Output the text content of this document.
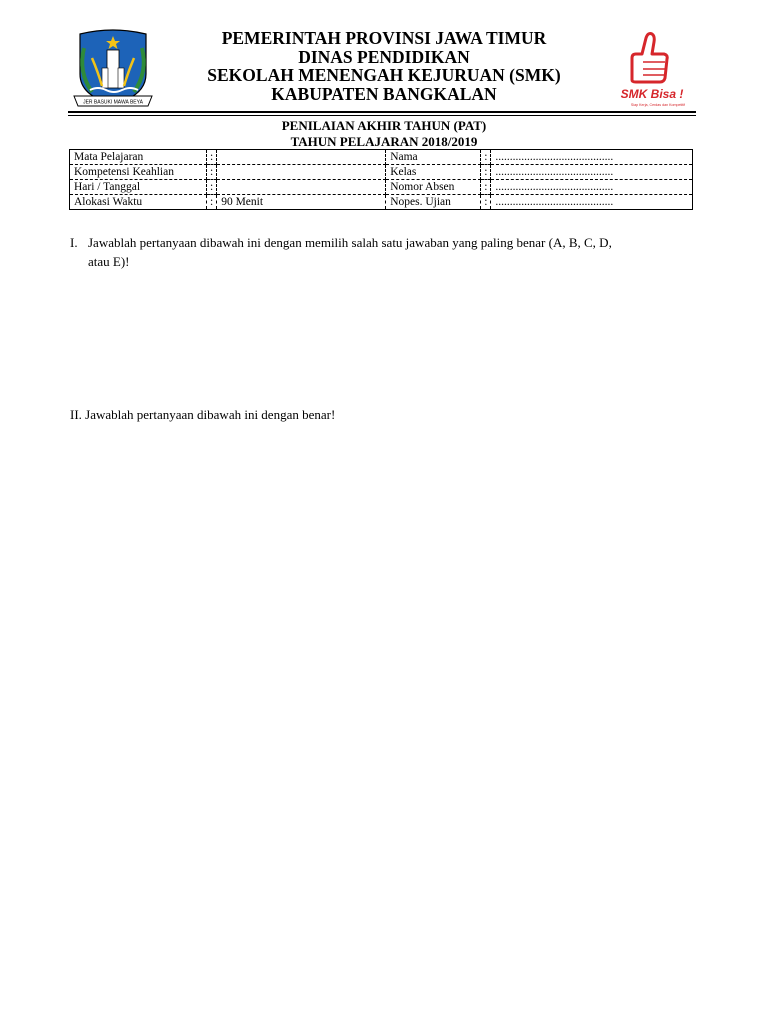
JER BASUKI MAWA BEYA
PEMERINTAH PROVINSI JAWA TIMUR
DINAS PENDIDIKAN
SEKOLAH MENENGAH KEJURUAN (SMK)
KABUPATEN BANGKALAN	SMK Bisa !
Siap Kerja, Cerdas dan Kompetitif
PENILAIAN AKHIR TAHUN (PAT)
TAHUN PELAJARAN 2018/2019
Mata Pelajaran	:		Nama	:	.........................................
Kompetensi Keahlian	:		Kelas	:	.........................................
Hari / Tanggal	:		Nomor Absen	:	.........................................
Alokasi Waktu	:	90 Menit	Nopes. Ujian	:	.........................................
I. Jawablah pertanyaan dibawah ini dengan memilih salah satu jawaban yang paling benar (A, B, C, D,
atau E)!
II. Jawablah pertanyaan dibawah ini dengan benar!
